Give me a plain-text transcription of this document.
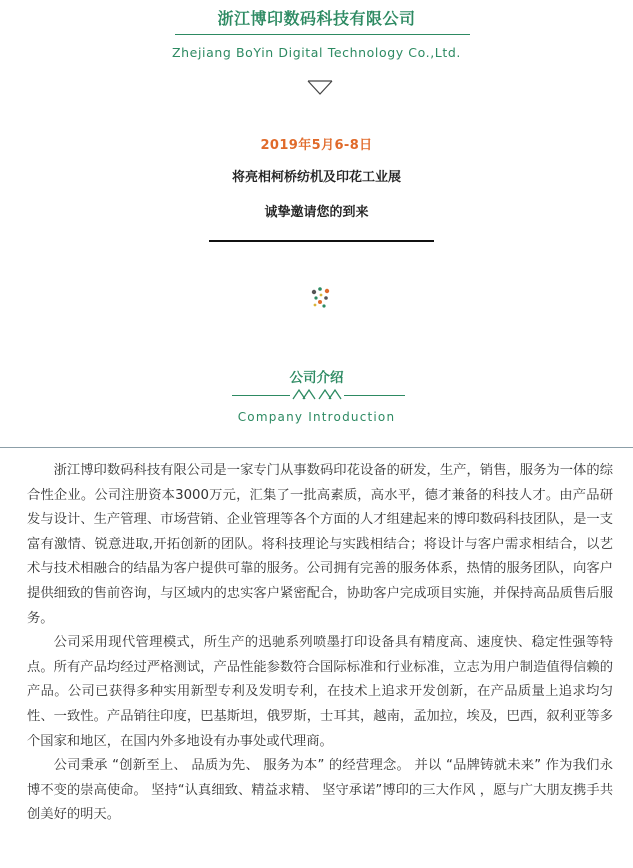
浙江博印数码科技有限公司
Zhejiang BoYin Digital Technology Co.,Ltd.
2019年5月6-8日
将亮相柯桥纺机及印花工业展
诚挚邀请您的到来
公司介绍
Company Introduction

浙江博印数码科技有限公司是一家专门从事数码印花设备的研发，生产，销售，服务为一体的综合性企业。公司注册资本3000万元，汇集了一批高素质，高水平，德才兼备的科技人才。由产品研发与设计、生产管理、市场营销、企业管理等各个方面的人才组建起来的博印数码科技团队，是一支富有激情、锐意进取,开拓创新的团队。将科技理论与实践相结合；将设计与客户需求相结合，以艺术与技术相融合的结晶为客户提供可靠的服务。公司拥有完善的服务体系，热情的服务团队，向客户提供细致的售前咨询，与区域内的忠实客户紧密配合，协助客户完成项目实施，并保持高品质售后服务。

公司采用现代管理模式，所生产的迅驰系列喷墨打印设备具有精度高、速度快、稳定性强等特点。所有产品均经过严格测试，产品性能参数符合国际标准和行业标准，立志为用户制造值得信赖的产品。公司已获得多种实用新型专利及发明专利，在技术上追求开发创新，在产品质量上追求均匀性、一致性。产品销往印度，巴基斯坦，俄罗斯，士耳其，越南，孟加拉，埃及，巴西，叙利亚等多个国家和地区，在国内外多地设有办事处或代理商。

公司秉承 “创新至上、 品质为先、 服务为本” 的经营理念。 并以 “品牌铸就未来” 作为我们永博不变的崇高使命。 坚持“认真细致、精益求精、 坚守承诺”博印的三大作风 ，愿与广大朋友携手共创美好的明天。
